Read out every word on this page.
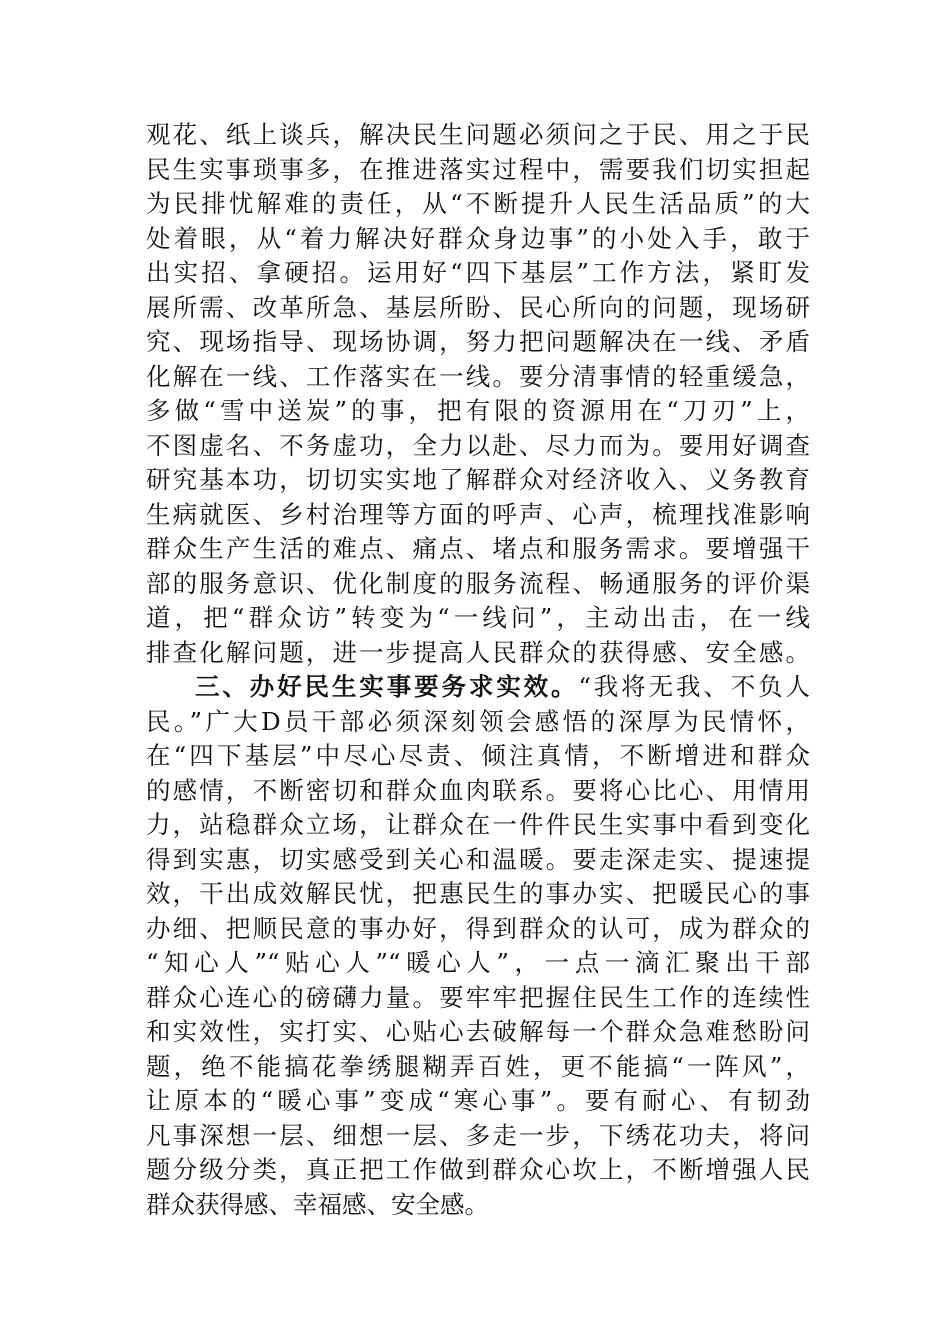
观花、纸上谈兵，解决民生问题必须问之于民、用之于民
民生实事琐事多，在推进落实过程中，需要我们切实担起
为民排忧解难的责任，从“不断提升人民生活品质”的大
处着眼，从“着力解决好群众身边事”的小处入手，敢于
出实招、拿硬招。运用好“四下基层”工作方法，紧盯发
展所需、改革所急、基层所盼、民心所向的问题，现场研
究、现场指导、现场协调，努力把问题解决在一线、矛盾
化解在一线、工作落实在一线。要分清事情的轻重缓急，
多做“雪中送炭”的事，把有限的资源用在“刀刃”上，
不图虚名、不务虚功，全力以赴、尽力而为。要用好调查
研究基本功，切切实实地了解群众对经济收入、义务教育
生病就医、乡村治理等方面的呼声、心声，梳理找准影响
群众生产生活的难点、痛点、堵点和服务需求。要增强干
部的服务意识、优化制度的服务流程、畅通服务的评价渠
道，把“群众访”转变为“一线问”，主动出击，在一线
排查化解问题，进一步提高人民群众的获得感、安全感。
三、办好民生实事要务求实效。“我将无我、不负人
民。”广大D员干部必须深刻领会感悟的深厚为民情怀，
在“四下基层”中尽心尽责、倾注真情，不断增进和群众
的感情，不断密切和群众血肉联系。要将心比心、用情用
力，站稳群众立场，让群众在一件件民生实事中看到变化
得到实惠，切实感受到关心和温暖。要走深走实、提速提
效，干出成效解民忧，把惠民生的事办实、把暖民心的事
办细、把顺民意的事办好，得到群众的认可，成为群众的
“知心人”“贴心人”“暖心人”，一点一滴汇聚出干部
群众心连心的磅礴力量。要牢牢把握住民生工作的连续性
和实效性，实打实、心贴心去破解每一个群众急难愁盼问
题，绝不能搞花拳绣腿糊弄百姓，更不能搞“一阵风”，
让原本的“暖心事”变成“寒心事”。要有耐心、有韧劲
凡事深想一层、细想一层、多走一步，下绣花功夫，将问
题分级分类，真正把工作做到群众心坎上，不断增强人民
群众获得感、幸福感、安全感。
